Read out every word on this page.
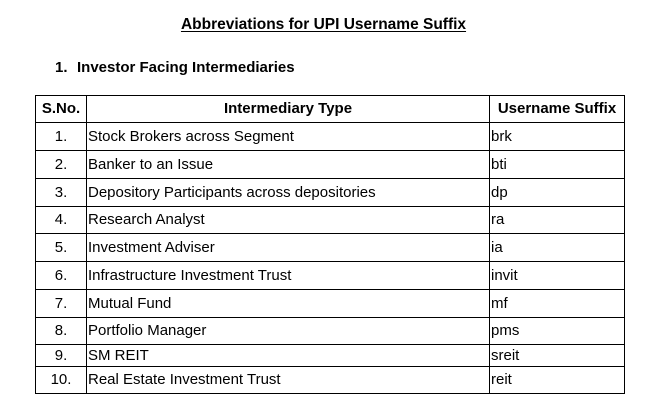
Abbreviations for UPI Username Suffix
1. Investor Facing Intermediaries
S.No.	Intermediary Type	Username Suffix
1.	Stock Brokers across Segment	brk
2.	Banker to an Issue	bti
3.	Depository Participants across depositories	dp
4.	Research Analyst	ra
5.	Investment Adviser	ia
6.	Infrastructure Investment Trust	invit
7.	Mutual Fund	mf
8.	Portfolio Manager	pms
9.	SM REIT	sreit
10.	Real Estate Investment Trust	reit
